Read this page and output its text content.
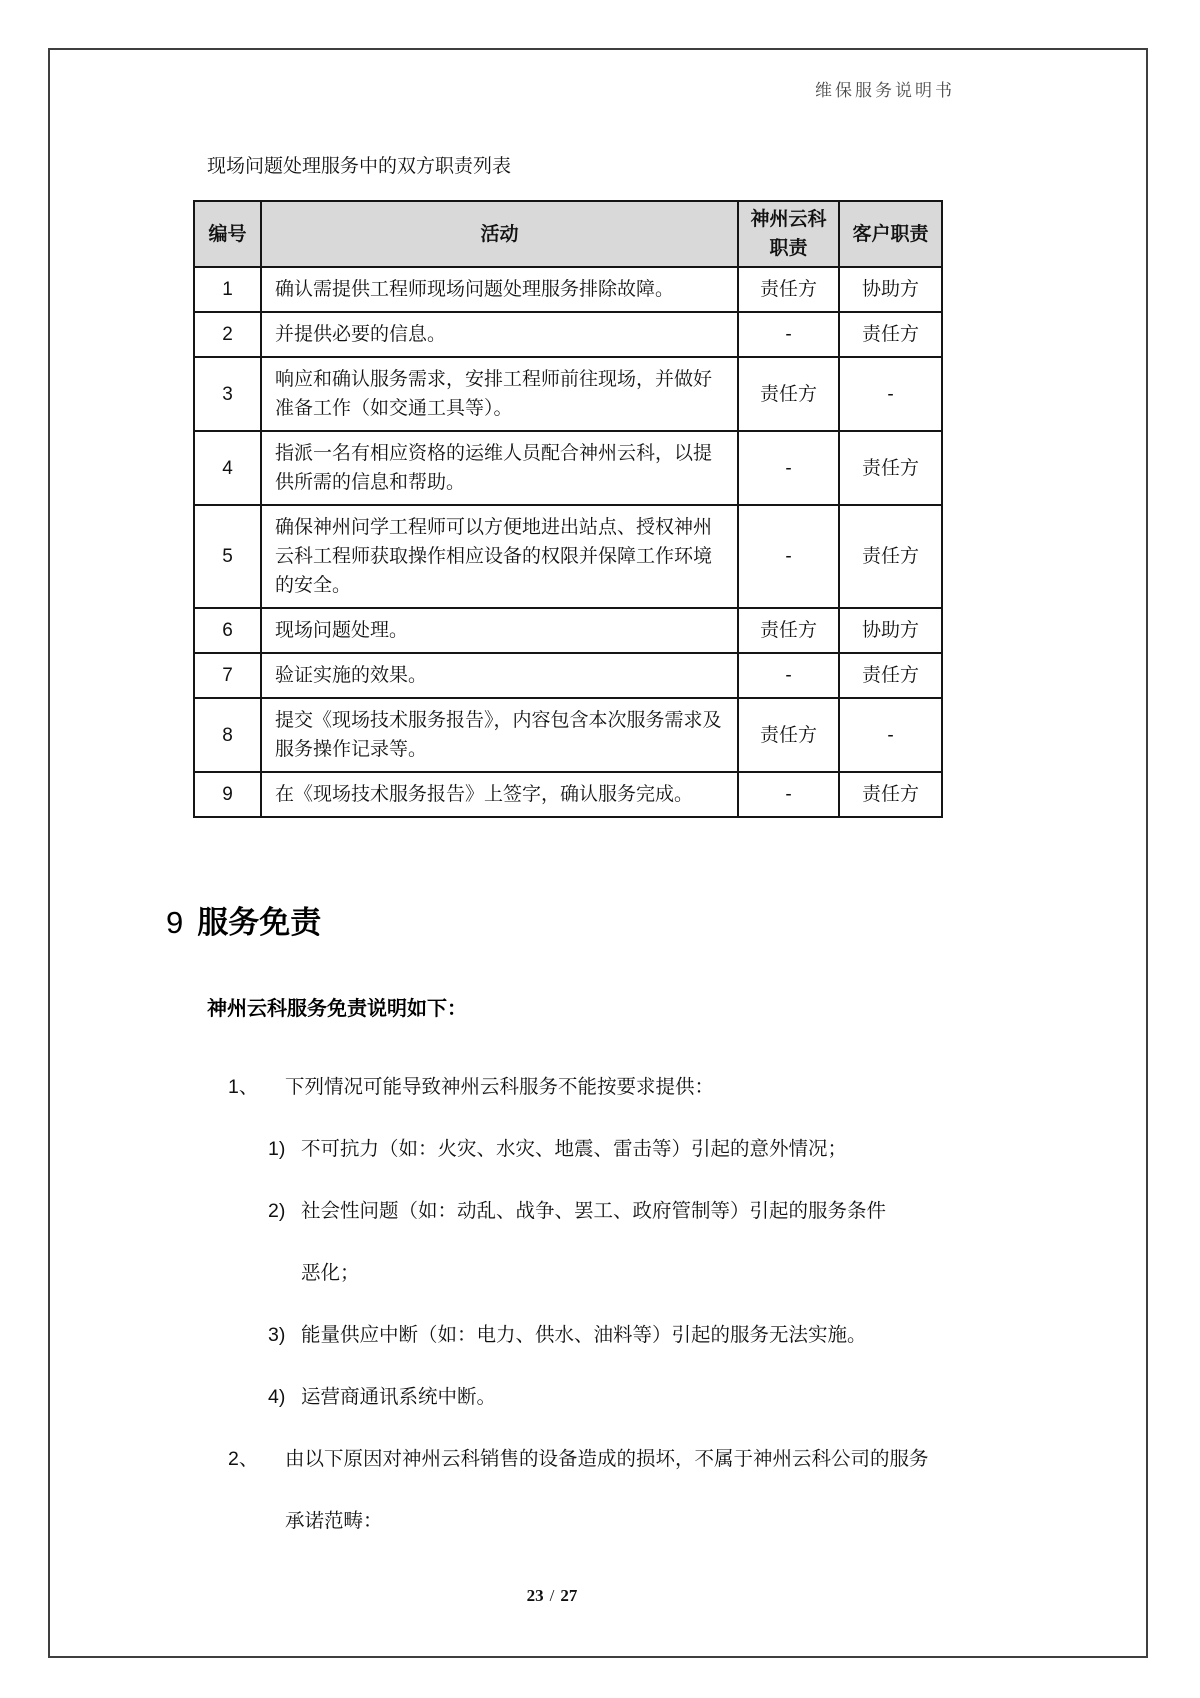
维保服务说明书
现场问题处理服务中的双方职责列表
编号	活动	神州云科职责	客户职责
1	确认需提供工程师现场问题处理服务排除故障。	责任方	协助方
2	并提供必要的信息。	-	责任方
3	响应和确认服务需求，安排工程师前往现场，并做好准备工作（如交通工具等）。	责任方	-
4	指派一名有相应资格的运维人员配合神州云科，以提供所需的信息和帮助。	-	责任方
5	确保神州问学工程师可以方便地进出站点、授权神州云科工程师获取操作相应设备的权限并保障工作环境的安全。	-	责任方
6	现场问题处理。	责任方	协助方
7	验证实施的效果。	-	责任方
8	提交《现场技术服务报告》，内容包含本次服务需求及服务操作记录等。	责任方	-
9	在《现场技术服务报告》上签字，确认服务完成。	-	责任方
9 服务免责
神州云科服务免责说明如下：
1、	下列情况可能导致神州云科服务不能按要求提供：
1) 不可抗力（如：火灾、水灾、地震、雷击等）引起的意外情况；
2) 社会性问题（如：动乱、战争、罢工、政府管制等）引起的服务条件恶化；
3) 能量供应中断（如：电力、供水、油料等）引起的服务无法实施。
4) 运营商通讯系统中断。
2、	由以下原因对神州云科销售的设备造成的损坏，不属于神州云科公司的服务承诺范畴：
23 / 27
